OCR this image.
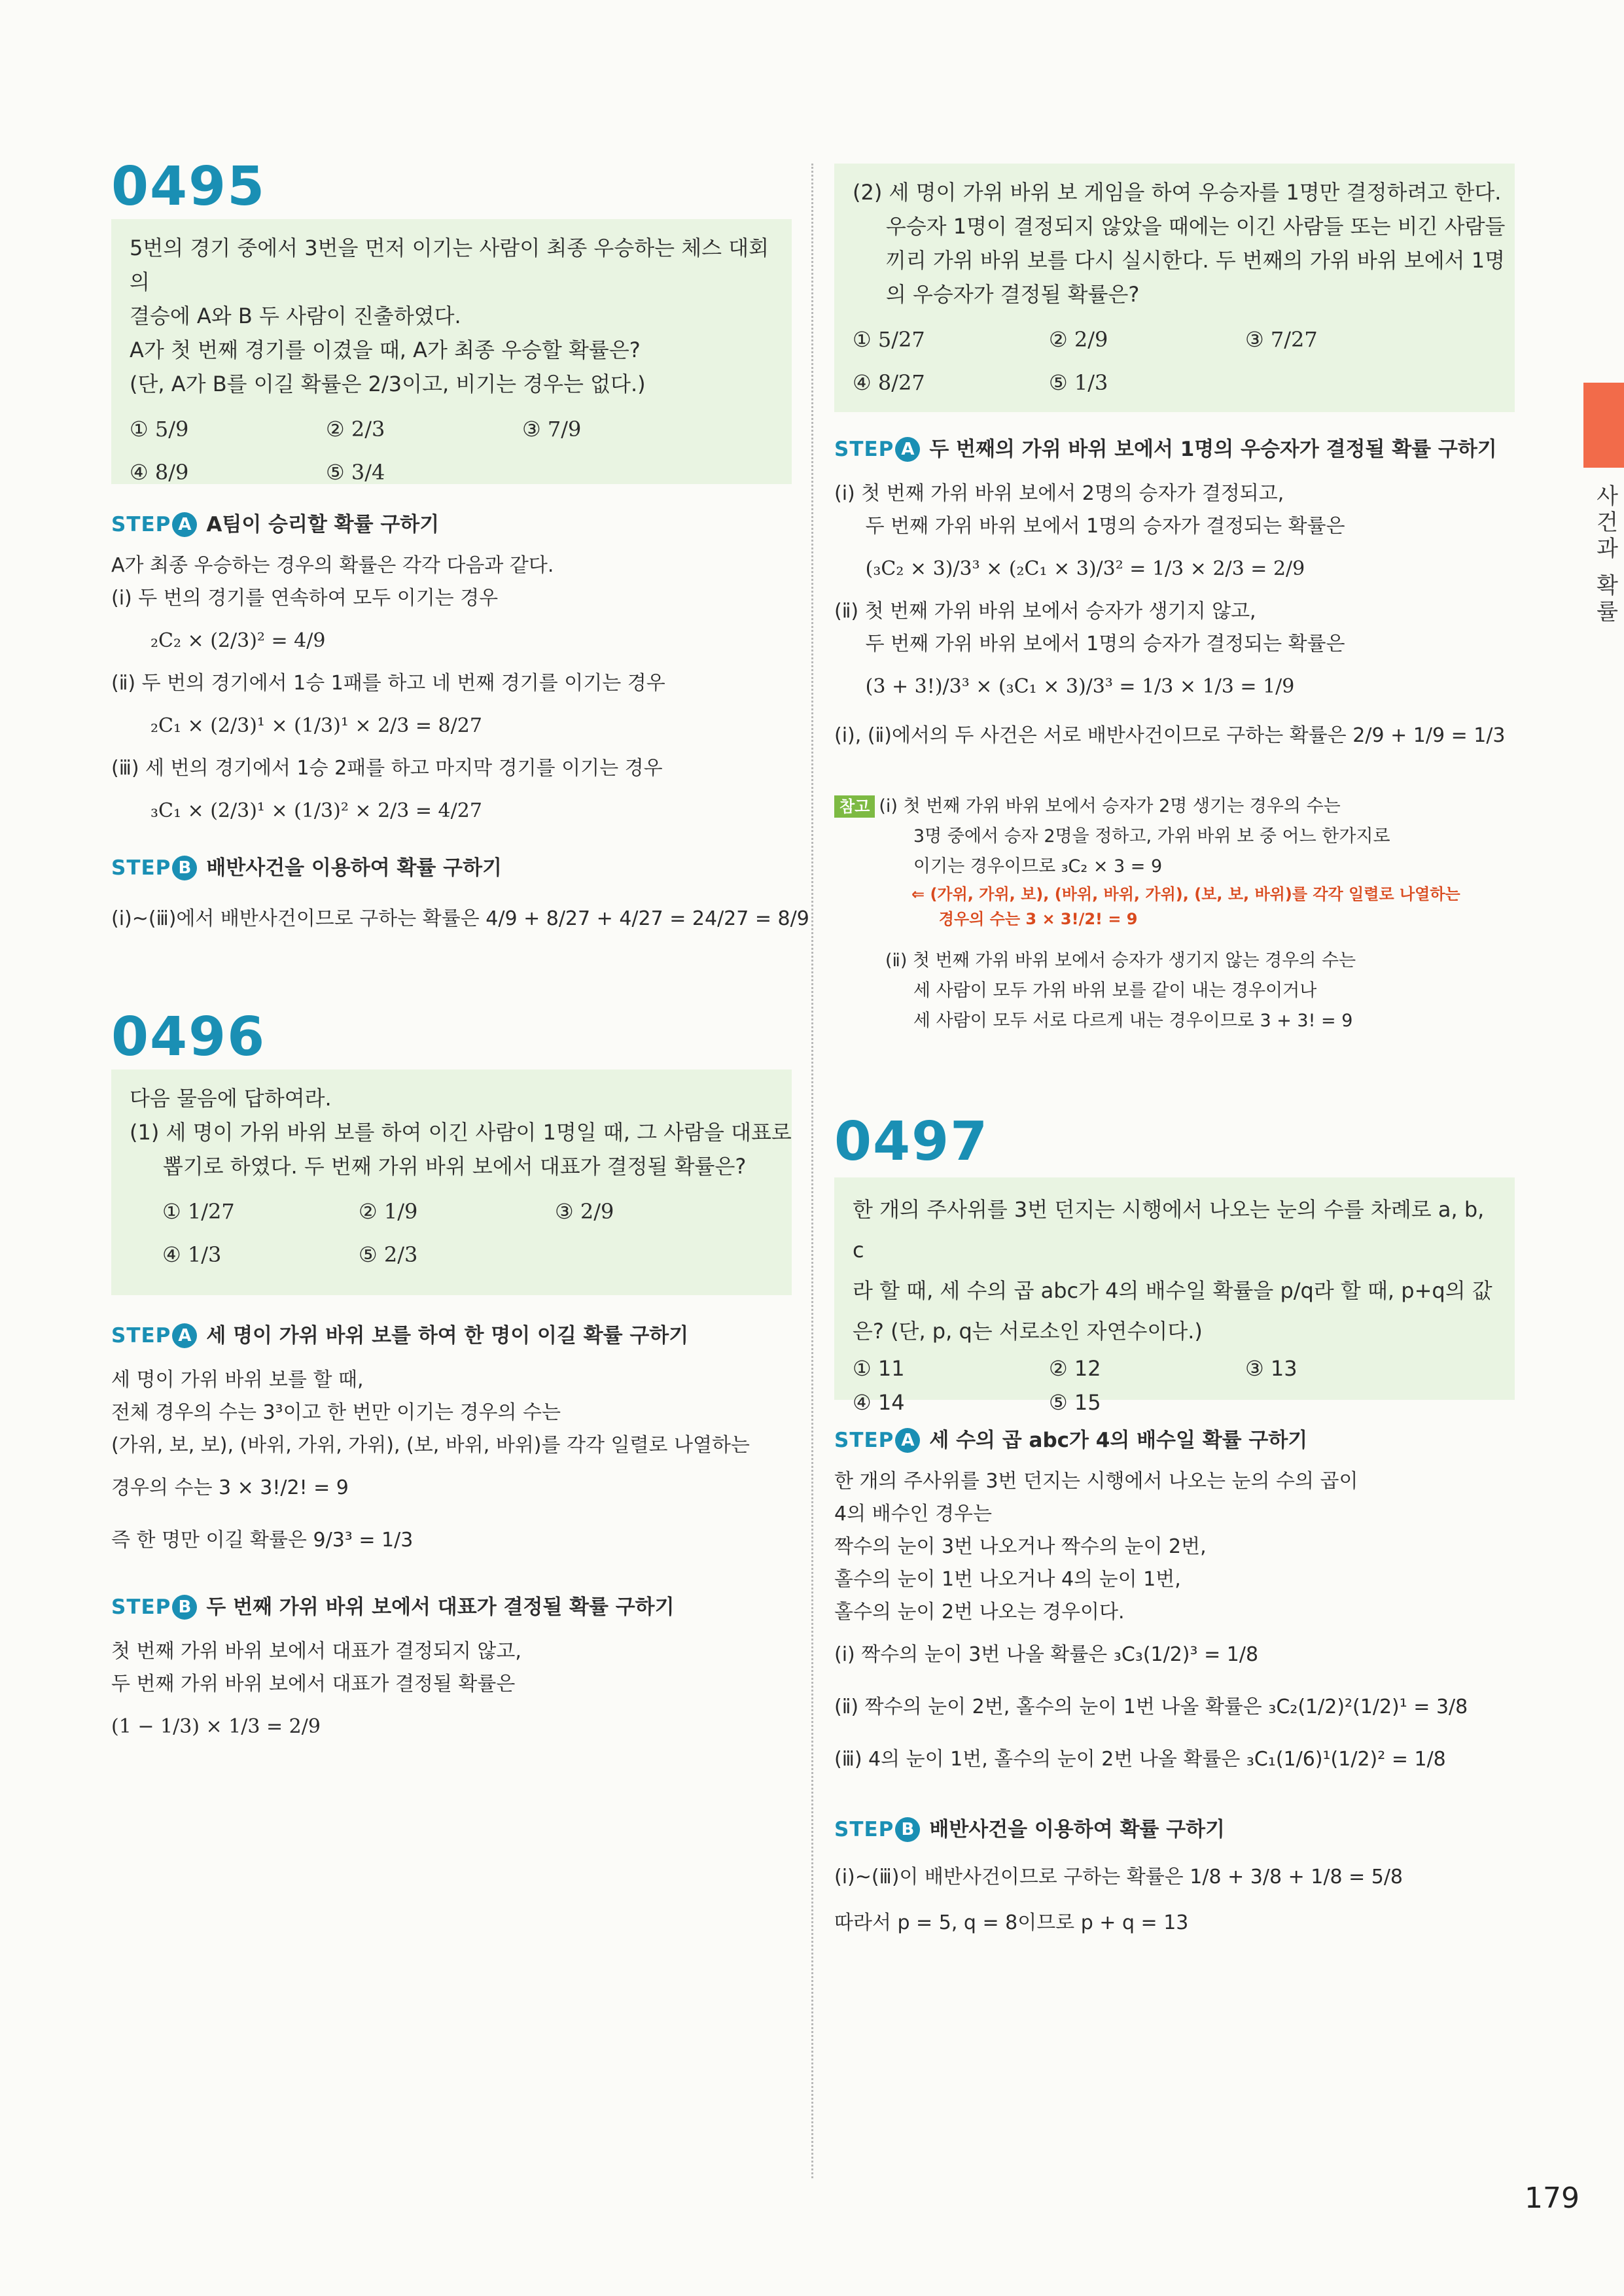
0495

5번의 경기 중에서 3번을 먼저 이기는 사람이 최종 우승하는 체스 대회의

결승에 A와 B 두 사람이 진출하였다.

A가 첫 번째 경기를 이겼을 때, A가 최종 우승할 확률은?

(단, A가 B를 이길 확률은 2/3이고, 비기는 경우는 없다.)

① 5/9	② 2/3	③ 7/9
④ 8/9	⑤ 3/4
STEP A A팀이 승리할 확률 구하기

A가 최종 우승하는 경우의 확률은 각각 다음과 같다.

(ⅰ) 두 번의 경기를 연속하여 모두 이기는 경우

₂C₂ × (2/3)² = 4/9

(ⅱ) 두 번의 경기에서 1승 1패를 하고 네 번째 경기를 이기는 경우

₂C₁ × (2/3)¹ × (1/3)¹ × 2/3 = 8/27

(ⅲ) 세 번의 경기에서 1승 2패를 하고 마지막 경기를 이기는 경우

₃C₁ × (2/3)¹ × (1/3)² × 2/3 = 4/27

STEP B 배반사건을 이용하여 확률 구하기

(ⅰ)~(ⅲ)에서 배반사건이므로 구하는 확률은 4/9 + 8/27 + 4/27 = 24/27 = 8/9

0496

다음 물음에 답하여라.

(1) 세 명이 가위 바위 보를 하여 이긴 사람이 1명일 때, 그 사람을 대표로

뽑기로 하였다. 두 번째 가위 바위 보에서 대표가 결정될 확률은?

① 1/27	② 1/9	③ 2/9
④ 1/3	⑤ 2/3
STEP A 세 명이 가위 바위 보를 하여 한 명이 이길 확률 구하기

세 명이 가위 바위 보를 할 때,

전체 경우의 수는 3³이고 한 번만 이기는 경우의 수는

(가위, 보, 보), (바위, 가위, 가위), (보, 바위, 바위)를 각각 일렬로 나열하는

경우의 수는 3 × 3!/2! = 9

즉 한 명만 이길 확률은 9/3³ = 1/3

STEP B 두 번째 가위 바위 보에서 대표가 결정될 확률 구하기

첫 번째 가위 바위 보에서 대표가 결정되지 않고,

두 번째 가위 바위 보에서 대표가 결정될 확률은

(1 − 1/3) × 1/3 = 2/9

(2) 세 명이 가위 바위 보 게임을 하여 우승자를 1명만 결정하려고 한다.

우승자 1명이 결정되지 않았을 때에는 이긴 사람들 또는 비긴 사람들

끼리 가위 바위 보를 다시 실시한다. 두 번째의 가위 바위 보에서 1명

의 우승자가 결정될 확률은?

① 5/27	② 2/9	③ 7/27
④ 8/27	⑤ 1/3
STEP A 두 번째의 가위 바위 보에서 1명의 우승자가 결정될 확률 구하기

(ⅰ) 첫 번째 가위 바위 보에서 2명의 승자가 결정되고,

두 번째 가위 바위 보에서 1명의 승자가 결정되는 확률은

(₃C₂ × 3)/3³ × (₂C₁ × 3)/3² = 1/3 × 2/3 = 2/9

(ⅱ) 첫 번째 가위 바위 보에서 승자가 생기지 않고,

두 번째 가위 바위 보에서 1명의 승자가 결정되는 확률은

(3 + 3!)/3³ × (₃C₁ × 3)/3³ = 1/3 × 1/3 = 1/9

(ⅰ), (ⅱ)에서의 두 사건은 서로 배반사건이므로 구하는 확률은 2/9 + 1/9 = 1/3

참고 (ⅰ) 첫 번째 가위 바위 보에서 승자가 2명 생기는 경우의 수는

3명 중에서 승자 2명을 정하고, 가위 바위 보 중 어느 한가지로

이기는 경우이므로 ₃C₂ × 3 = 9

⇐ (가위, 가위, 보), (바위, 바위, 가위), (보, 보, 바위)를 각각 일렬로 나열하는

경우의 수는 3 × 3!/2! = 9

(ⅱ) 첫 번째 가위 바위 보에서 승자가 생기지 않는 경우의 수는

세 사람이 모두 가위 바위 보를 같이 내는 경우이거나

세 사람이 모두 서로 다르게 내는 경우이므로 3 + 3! = 9

0497

한 개의 주사위를 3번 던지는 시행에서 나오는 눈의 수를 차례로 a, b, c

라 할 때, 세 수의 곱 abc가 4의 배수일 확률을 p/q라 할 때, p+q의 값

은? (단, p, q는 서로소인 자연수이다.)

① 11	② 12	③ 13
④ 14	⑤ 15
STEP A 세 수의 곱 abc가 4의 배수일 확률 구하기

한 개의 주사위를 3번 던지는 시행에서 나오는 눈의 수의 곱이

4의 배수인 경우는

짝수의 눈이 3번 나오거나 짝수의 눈이 2번,

홀수의 눈이 1번 나오거나 4의 눈이 1번,

홀수의 눈이 2번 나오는 경우이다.

(ⅰ) 짝수의 눈이 3번 나올 확률은 ₃C₃(1/2)³ = 1/8

(ⅱ) 짝수의 눈이 2번, 홀수의 눈이 1번 나올 확률은 ₃C₂(1/2)²(1/2)¹ = 3/8

(ⅲ) 4의 눈이 1번, 홀수의 눈이 2번 나올 확률은 ₃C₁(1/6)¹(1/2)² = 1/8

STEP B 배반사건을 이용하여 확률 구하기

(ⅰ)~(ⅲ)이 배반사건이므로 구하는 확률은 1/8 + 3/8 + 1/8 = 5/8

따라서 p = 5, q = 8이므로 p + q = 13

사건과 확률
179
